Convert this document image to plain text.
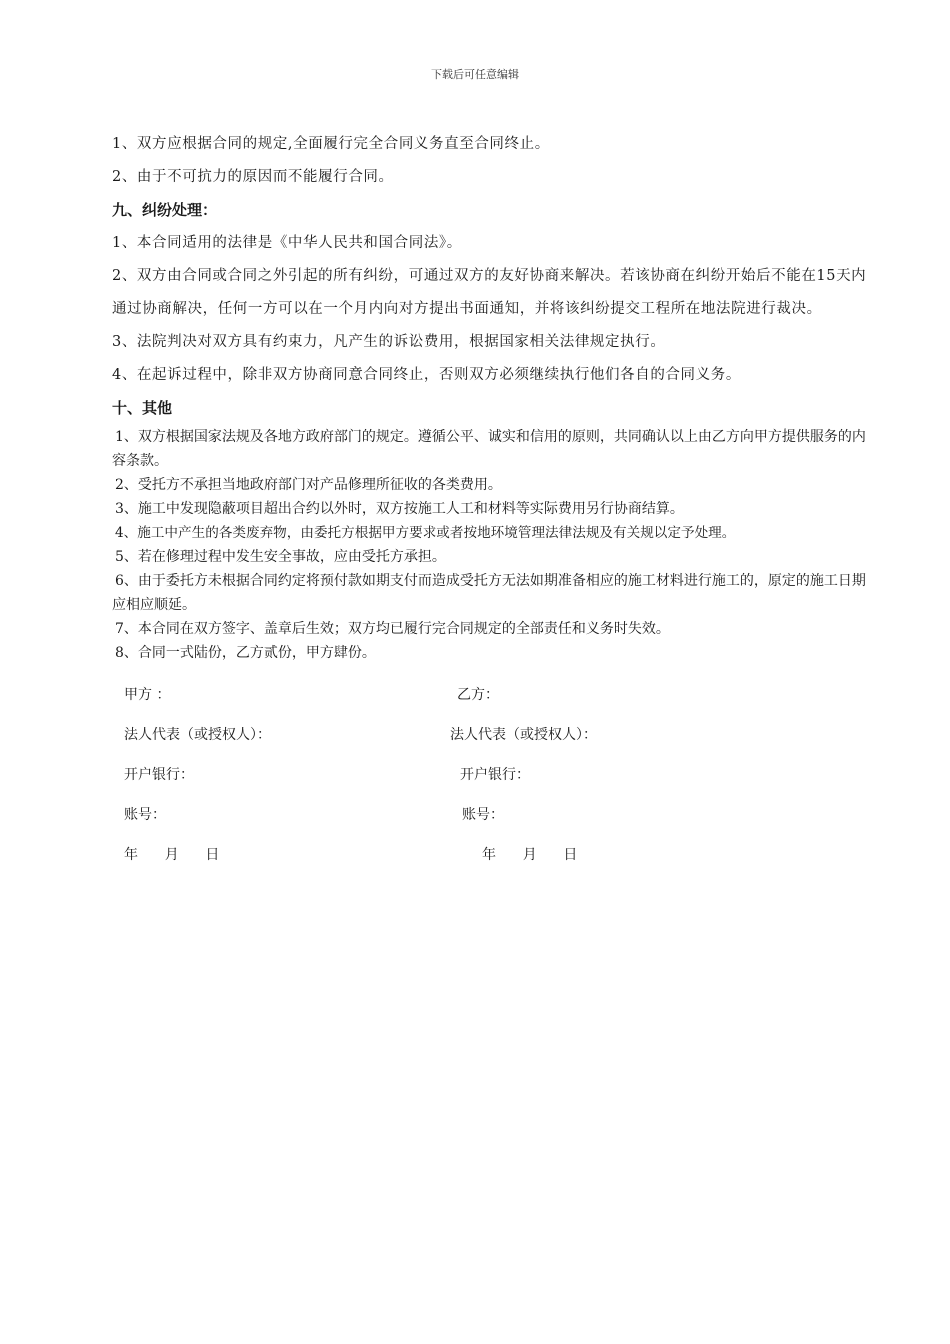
下载后可任意编辑

1、双方应根据合同的规定,全面履行完全合同义务直至合同终止。

2、由于不可抗力的原因而不能履行合同。

九、纠纷处理：

1、本合同适用的法律是《中华人民共和国合同法》。

2、双方由合同或合同之外引起的所有纠纷，可通过双方的友好协商来解决。若该协商在纠纷开始后不能在15天内通过协商解决，任何一方可以在一个月内向对方提出书面通知，并将该纠纷提交工程所在地法院进行裁决。

3、法院判决对双方具有约束力，凡产生的诉讼费用，根据国家相关法律规定执行。

4、在起诉过程中，除非双方协商同意合同终止，否则双方必须继续执行他们各自的合同义务。

十、其他

1、双方根据国家法规及各地方政府部门的规定。遵循公平、诚实和信用的原则，共同确认以上由乙方向甲方提供服务的内容条款。

2、受托方不承担当地政府部门对产品修理所征收的各类费用。

3、施工中发现隐蔽项目超出合约以外时，双方按施工人工和材料等实际费用另行协商结算。

4、施工中产生的各类废弃物，由委托方根据甲方要求或者按地环境管理法律法规及有关规以定予处理。

5、若在修理过程中发生安全事故，应由受托方承担。

6、由于委托方未根据合同约定将预付款如期支付而造成受托方无法如期准备相应的施工材料进行施工的，原定的施工日期应相应顺延。

7、本合同在双方签字、盖章后生效；双方均已履行完合同规定的全部责任和义务时失效。

8、合同一式陆份，乙方贰份，甲方肆份。

甲方 ：	乙方：
法人代表（或授权人）：	法人代表（或授权人）：
开户银行：	开户银行：
账号：	账号：
年      月      日	年      月      日
